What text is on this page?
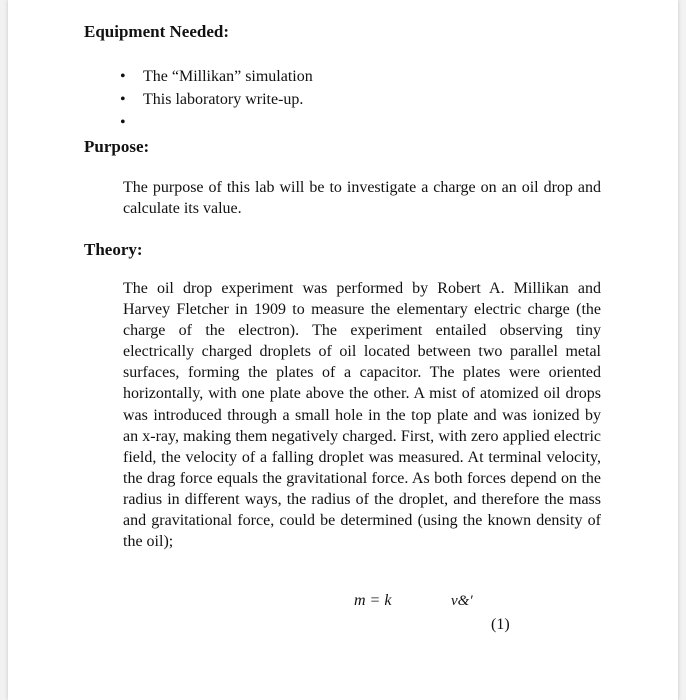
Equipment Needed:
• The “Millikan” simulation
• This laboratory write-up.
•
Purpose:

The purpose of this lab will be to investigate a charge on an oil drop and calculate its value.

Theory:

The oil drop experiment was performed by Robert A. Millikan and Harvey Fletcher in 1909 to measure the elementary electric charge (the charge of the electron). The experiment entailed observing tiny electrically charged droplets of oil located between two parallel metal surfaces, forming the plates of a capacitor. The plates were oriented horizontally, with one plate above the other. A mist of atomized oil drops was introduced through a small hole in the top plate and was ionized by an x-ray, making them negatively charged. First, with zero applied electric field, the velocity of a falling droplet was measured. At terminal velocity, the drag force equals the gravitational force. As both forces depend on the radius in different ways, the radius of the droplet, and therefore the mass and gravitational force, could be determined (using the known density of the oil);

m = k	v&′
(1)
